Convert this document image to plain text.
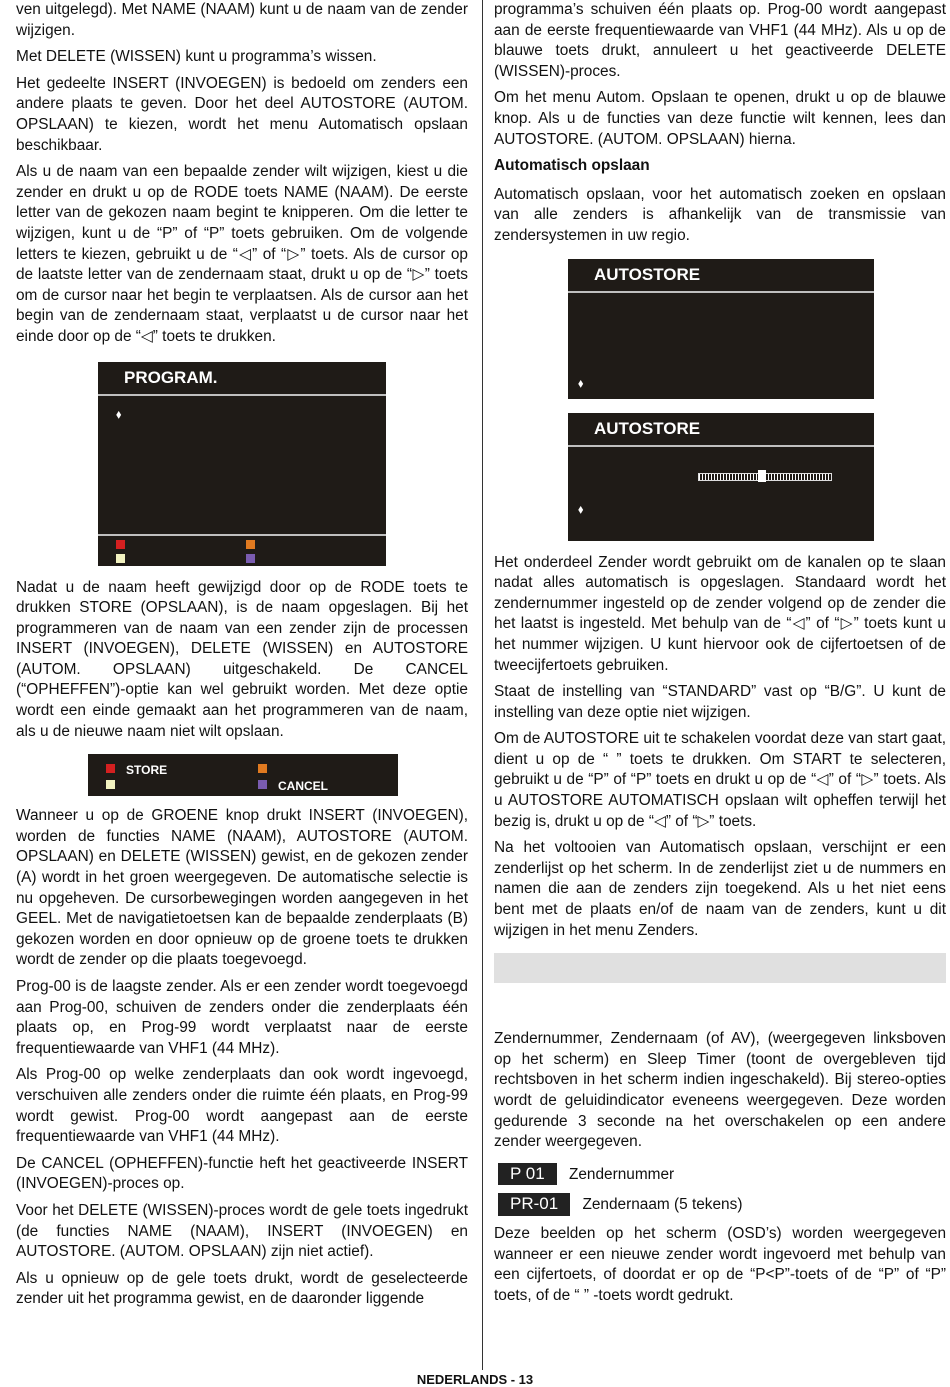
ven uitgelegd). Met NAME (NAAM) kunt u de naam van de zender wijzigen.

Met DELETE (WISSEN) kunt u programma’s wissen.

Het gedeelte INSERT (INVOEGEN) is bedoeld om zenders een andere plaats te geven. Door het deel AUTOSTORE (AUTOM. OPSLAAN) te kiezen, wordt het menu Automatisch opslaan beschikbaar.

Als u de naam van een bepaalde zender wilt wijzigen, kiest u die zender en drukt u op de RODE toets NAME (NAAM). De eerste letter van de gekozen naam begint te knipperen. Om die letter te wijzigen, kunt u de “P” of “P” toets gebruiken. Om de volgende letters te kiezen, gebruikt u de “◁” of “▷” toets. Als de cursor op de laatste letter van de zendernaam staat, drukt u op de “▷” toets om de cursor naar het begin te verplaatsen. Als de cursor aan het begin van de zendernaam staat, verplaatst u de cursor naar het einde door op de “◁” toets te drukken.

PROGRAM.
⬧

Nadat u de naam heeft gewijzigd door op de RODE toets te drukken STORE (OPSLAAN), is de naam opgeslagen. Bij het programmeren van de naam van een zender zijn de processen INSERT (INVOEGEN), DELETE (WISSEN) en AUTOSTORE (AUTOM. OPSLAAN) uitgeschakeld. De CANCEL (“OPHEFFEN”)-optie kan wel gebruikt worden. Met deze optie wordt een einde gemaakt aan het programmeren van de naam, als u de nieuwe naam niet wilt opslaan.

STORE
CANCEL

Wanneer u op de GROENE knop drukt INSERT (INVOEGEN), worden de functies NAME (NAAM), AUTOSTORE (AUTOM. OPSLAAN) en DELETE (WISSEN) gewist, en de gekozen zender (A) wordt in het groen weergegeven. De automatische selectie is nu opgeheven. De cursorbewegingen worden aangegeven in het GEEL. Met de navigatietoetsen kan de bepaalde zenderplaats (B) gekozen worden en door opnieuw op de groene toets te drukken wordt de zender op die plaats toegevoegd.

Prog-00 is de laagste zender. Als er een zender wordt toegevoegd aan Prog-00, schuiven de zenders onder die zenderplaats één plaats op, en Prog-99 wordt verplaatst naar de eerste frequentiewaarde van VHF1 (44 MHz).

Als Prog-00 op welke zenderplaats dan ook wordt ingevoegd, verschuiven alle zenders onder die ruimte één plaats, en Prog-99 wordt gewist. Prog-00 wordt aangepast aan de eerste frequentiewaarde van VHF1 (44 MHz).

De CANCEL (OPHEFFEN)-functie heft het geactiveerde INSERT (INVOEGEN)-proces op.

Voor het DELETE (WISSEN)-proces wordt de gele toets ingedrukt (de functies NAME (NAAM), INSERT (INVOEGEN) en AUTOSTORE. (AUTOM. OPSLAAN) zijn niet actief).

Als u opnieuw op de gele toets drukt, wordt de geselecteerde zender uit het programma gewist, en de daaronder liggende

programma’s schuiven één plaats op. Prog-00 wordt aangepast aan de eerste frequentiewaarde van VHF1 (44 MHz). Als u op de blauwe toets drukt, annuleert u het geactiveerde DELETE (WISSEN)-proces.

Om het menu Autom. Opslaan te openen, drukt u op de blauwe knop. Als u de functies van deze functie wilt kennen, lees dan AUTOSTORE. (AUTOM. OPSLAAN) hierna.

Automatisch opslaan

Automatisch opslaan, voor het automatisch zoeken en opslaan van alle zenders is afhankelijk van de transmissie van zendersystemen in uw regio.

AUTOSTORE
⬧
AUTOSTORE
⬧

Het onderdeel Zender wordt gebruikt om de kanalen op te slaan nadat alles automatisch is opgeslagen. Standaard wordt het zendernummer ingesteld op de zender volgend op de zender die het laatst is ingesteld. Met behulp van de “◁” of “▷” toets kunt u het nummer wijzigen. U kunt hiervoor ook de cijfertoetsen of de tweecijfertoets gebruiken.

Staat de instelling van “STANDARD” vast op “B/G”. U kunt de instelling van deze optie niet wijzigen.

Om de AUTOSTORE uit te schakelen voordat deze van start gaat, dient u op de “ ” toets te drukken. Om START te selecteren, gebruikt u de “P” of “P” toets en drukt u op de “◁” of “▷” toets. Als u AUTOSTORE AUTOMATISCH opslaan wilt opheffen terwijl het bezig is, drukt u op de “◁” of “▷” toets.

Na het voltooien van Automatisch opslaan, verschijnt er een zenderlijst op het scherm. In de zenderlijst ziet u de nummers en namen die aan de zenders zijn toegekend. Als u het niet eens bent met de plaats en/of de naam van de zenders, kunt u dit wijzigen in het menu Zenders.

Zendernummer, Zendernaam (of AV), (weergegeven linksboven op het scherm) en Sleep Timer (toont de overgebleven tijd rechtsboven in het scherm indien ingeschakeld). Bij stereo-opties wordt de geluidindicator eveneens weergegeven. Deze worden gedurende 3 seconde na het overschakelen op een andere zender weergegeven.

P 01 Zendernummer
PR-01 Zendernaam (5 tekens)

Deze beelden op het scherm (OSD’s) worden weergegeven wanneer er een nieuwe zender wordt ingevoerd met behulp van een cijfertoets, of doordat er op de “P<P”-toets of de “P” of “P” toets, of de “ ” -toets wordt gedrukt.

NEDERLANDS - 13
